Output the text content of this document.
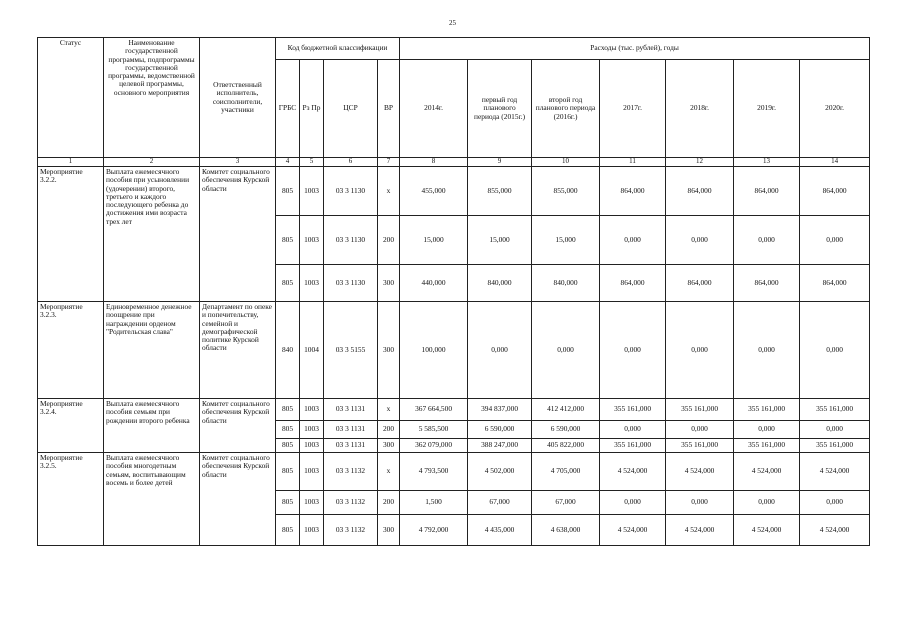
25
Статус	Наименование государственной программы, подпрограммы государственной программы, ведомственной целевой программы, основного мероприятия	Ответственный исполнитель, соисполнители, участники	Код бюджетной классификации				Расходы (тыс. рублей), годы						
			ГРБС	Рз Пр	ЦСР	ВР	2014г.	первый год планового периода (2015г.)	второй год планового периода (2016г.)	2017г.	2018г.	2019г.	2020г.
1	2	3	4	5	6	7	8	9	10	11	12	13	14
Мероприятие 3.2.2.	Выплата ежемесячного пособия при усыновлении (удочерении) второго, третьего и каждого последующего ребенка до достижения ими возраста трех лет	Комитет социального обеспечения Курской области	805	1003	03 3 1130	x	455,000	855,000	855,000	864,000	864,000	864,000	864,000
			805	1003	03 3 1130	200	15,000	15,000	15,000	0,000	0,000	0,000	0,000
			805	1003	03 3 1130	300	440,000	840,000	840,000	864,000	864,000	864,000	864,000
Мероприятие 3.2.3.	Единовременное денежное поощрение при награждении орденом "Родительская слава"	Департамент по опеке и попечительству, семейной и демографической политике Курской области	840	1004	03 3 5155	300	100,000	0,000	0,000	0,000	0,000	0,000	0,000
Мероприятие 3.2.4.	Выплата ежемесячного пособия семьям при рождении второго ребенка	Комитет социального обеспечения Курской области	805	1003	03 3 1131	x	367 664,500	394 837,000	412 412,000	355 161,000	355 161,000	355 161,000	355 161,000
			805	1003	03 3 1131	200	5 585,500	6 590,000	6 590,000	0,000	0,000	0,000	0,000
			805	1003	03 3 1131	300	362 079,000	388 247,000	405 822,000	355 161,000	355 161,000	355 161,000	355 161,000
Мероприятие 3.2.5.	Выплата ежемесячного пособия многодетным семьям, воспитывающим восемь и более детей	Комитет социального обеспечения Курской области	805	1003	03 3 1132	x	4 793,500	4 502,000	4 705,000	4 524,000	4 524,000	4 524,000	4 524,000
			805	1003	03 3 1132	200	1,500	67,000	67,000	0,000	0,000	0,000	0,000
			805	1003	03 3 1132	300	4 792,000	4 435,000	4 638,000	4 524,000	4 524,000	4 524,000	4 524,000
